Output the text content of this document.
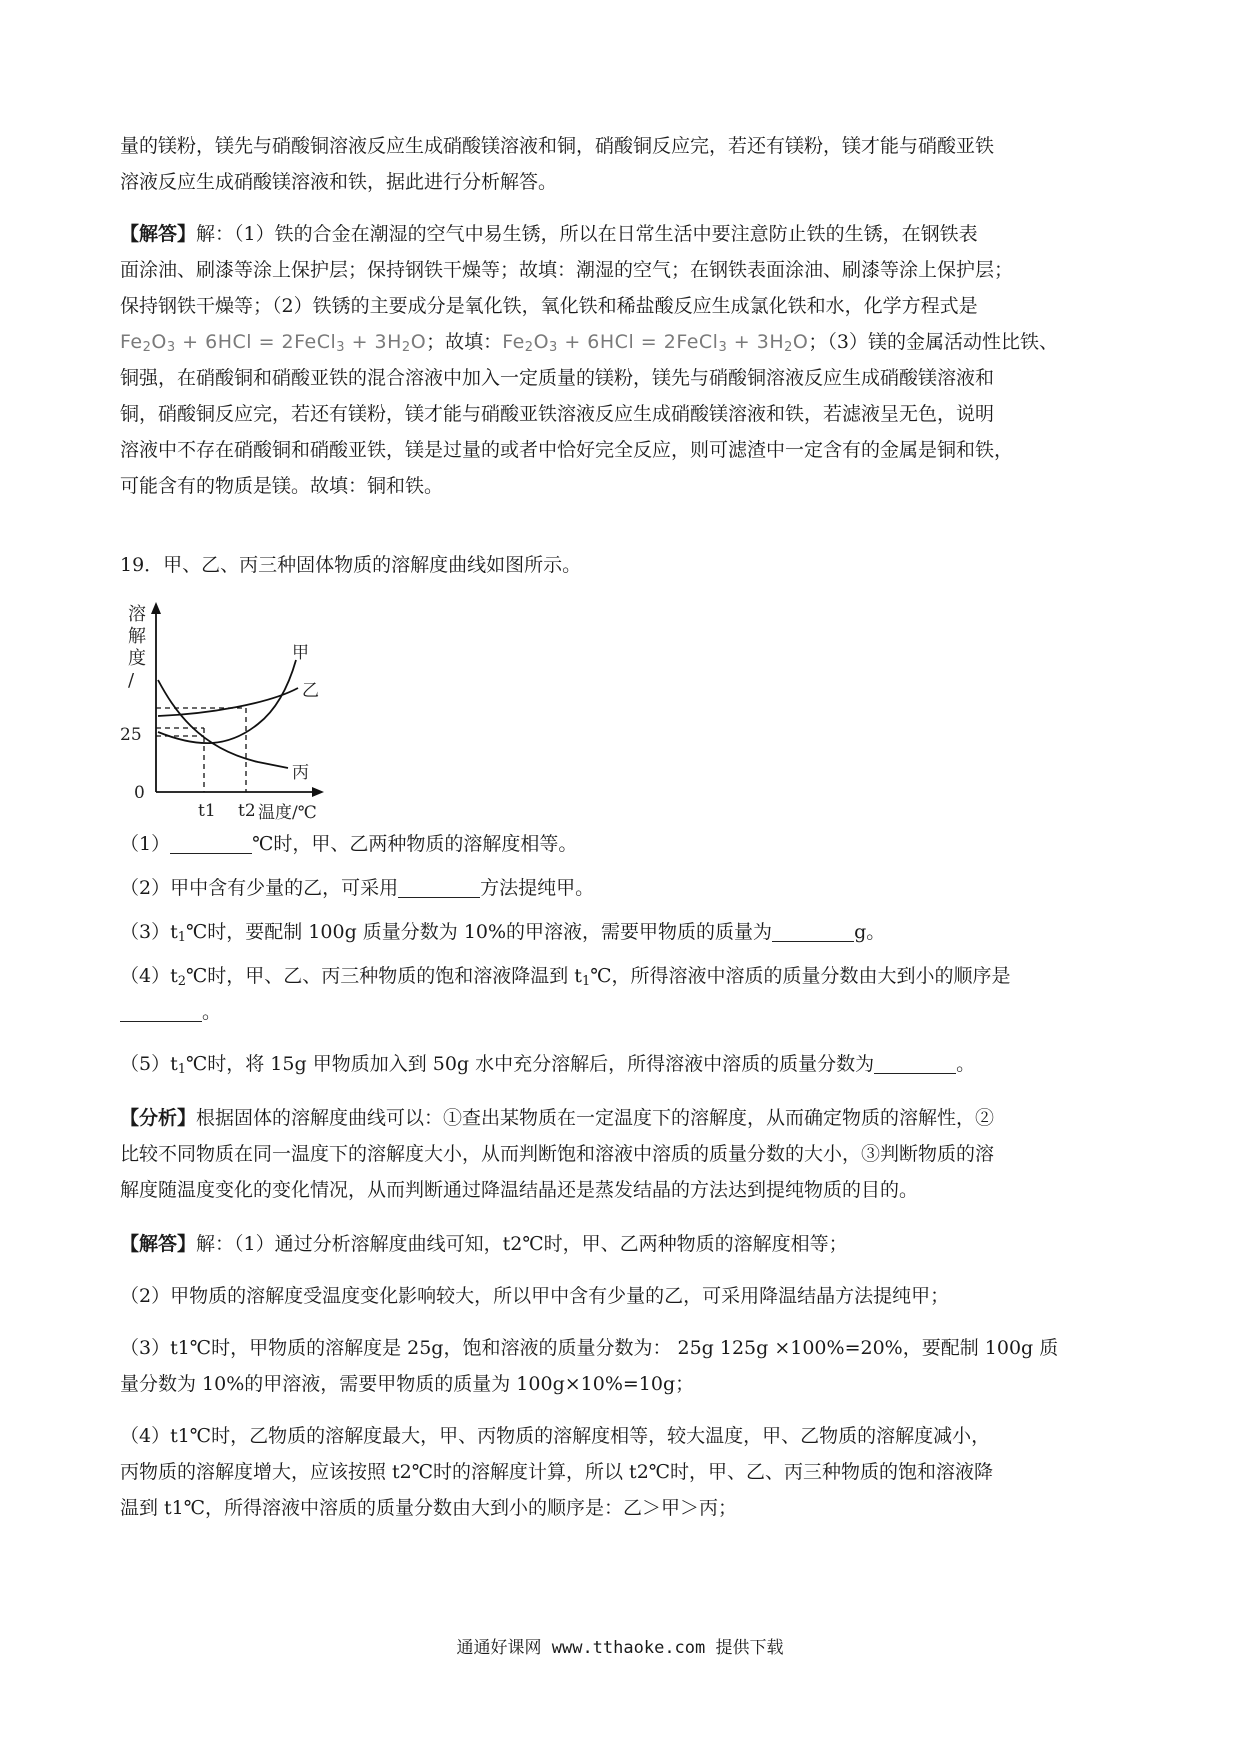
量的镁粉，镁先与硝酸铜溶液反应生成硝酸镁溶液和铜，硝酸铜反应完，若还有镁粉，镁才能与硝酸亚铁

溶液反应生成硝酸镁溶液和铁，据此进行分析解答。

【解答】解：（1）铁的合金在潮湿的空气中易生锈，所以在日常生活中要注意防止铁的生锈，在钢铁表

面涂油、刷漆等涂上保护层；保持钢铁干燥等；故填：潮湿的空气；在钢铁表面涂油、刷漆等涂上保护层；

保持钢铁干燥等；（2）铁锈的主要成分是氧化铁，氧化铁和稀盐酸反应生成氯化铁和水，化学方程式是

$Fe_2O_3 + 6HCl$ = 2FeCl$_3$ + $3H_2O$；故填：$Fe_2O_3 + 6HCl$ = 2FeCl$_3$ + $3H_2O$；（3）镁的金属活动性比铁、

铜强，在硝酸铜和硝酸亚铁的混合溶液中加入一定质量的镁粉，镁先与硝酸铜溶液反应生成硝酸镁溶液和

铜，硝酸铜反应完，若还有镁粉，镁才能与硝酸亚铁溶液反应生成硝酸镁溶液和铁，若滤液呈无色，说明

溶液中不存在硝酸铜和硝酸亚铁，镁是过量的或者中恰好完全反应，则可滤渣中一定含有的金属是铜和铁，

可能含有的物质是镁。故填：铜和铁。

19．甲、乙、丙三种固体物质的溶解度曲线如图所示。

溶
解
度
/
25
0
t1 t2 温度/℃
甲
乙
丙

（1）	℃时，甲、乙两种物质的溶解度相等。

（2）甲中含有少量的乙，可采用	方法提纯甲。

$(3)t_1℃$时，要配制 100g 质量分数为 10%的甲溶液，需要甲物质的质量为	g。

$(4)t_2℃$时，甲、乙、丙三种物质的饱和溶液降温到 $t_1℃$，所得溶液中溶质的质量分数由大到小的顺序是

。

$(5)t_1℃$时，将 15g 甲物质加入到 50g 水中充分溶解后，所得溶液中溶质的质量分数为	。

【分析】根据固体的溶解度曲线可以：①查出某物质在一定温度下的溶解度，从而确定物质的溶解性，②

比较不同物质在同一温度下的溶解度大小，从而判断饱和溶液中溶质的质量分数的大小，③判断物质的溶

解度随温度变化的变化情况，从而判断通过降温结晶还是蒸发结晶的方法达到提纯物质的目的。

【解答】解：（1）通过分析溶解度曲线可知，t2℃时，甲、乙两种物质的溶解度相等；

（2）甲物质的溶解度受温度变化影响较大，所以甲中含有少量的乙，可采用降温结晶方法提纯甲；

（3）t1℃时，甲物质的溶解度是 25g，饱和溶液的质量分数为： 25g 125g ×100%=20%，要配制 100g 质

量分数为 10%的甲溶液，需要甲物质的质量为 100g×10%=10g；

（4）t1℃时，乙物质的溶解度最大，甲、丙物质的溶解度相等，较大温度，甲、乙物质的溶解度减小，

丙物质的溶解度增大，应该按照 t2℃时的溶解度计算，所以 t2℃时，甲、乙、丙三种物质的饱和溶液降

温到 t1℃，所得溶液中溶质的质量分数由大到小的顺序是：乙＞甲＞丙；

通通好课网 www.tthaoke.com 提供下载
